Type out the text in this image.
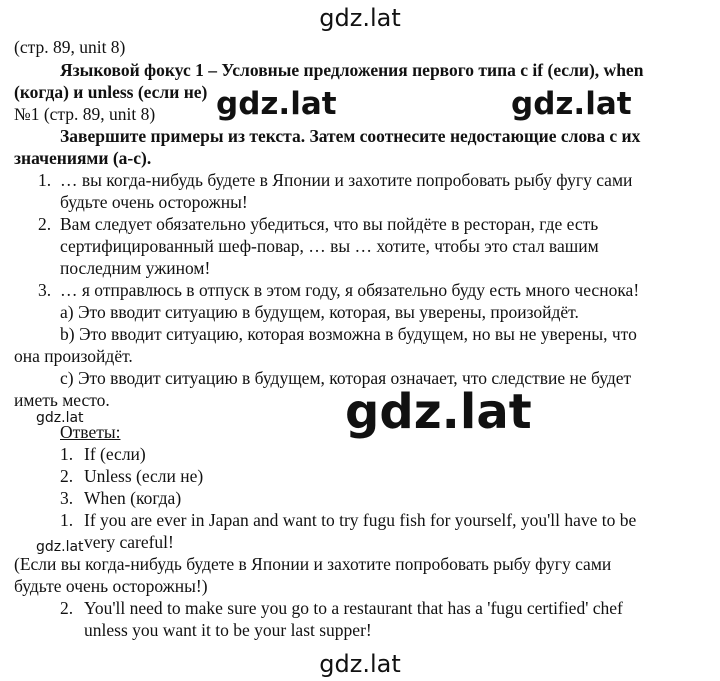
gdz.lat
(стр. 89, unit 8)
Языковой фокус 1 – Условные предложения первого типа с if (если), when
(когда) и unless (если не)
№1 (стр. 89, unit 8) gdz.lat	gdz.lat
Завершите примеры из текста. Затем соотнесите недостающие слова с их
значениями (a-c).
1. … вы когда-нибудь будете в Японии и захотите попробовать рыбу фугу сами
будьте очень осторожны!
2. Вам следует обязательно убедиться, что вы пойдёте в ресторан, где есть
сертифицированный шеф-повар, … вы … хотите, чтобы это стал вашим
последним ужином!
3. … я отправлюсь в отпуск в этом году, я обязательно буду есть много чеснока!
a) Это вводит ситуацию в будущем, которая, вы уверены, произойдёт.
b) Это вводит ситуацию, которая возможна в будущем, но вы не уверены, что
она произойдёт.
c) Это вводит ситуацию в будущем, которая означает, что следствие не будет
иметь место.	gdz.lat
gdz.lat
Ответы:
1. If (если)
2. Unless (если не)
3. When (когда)
1. If you are ever in Japan and want to try fugu fish for yourself, you'll have to be
very careful!
(Если вы когда-нибудь будете в Японии и захотите попробовать рыбу фугу сами
будьте очень осторожны!)
gdz.lat
2. You'll need to make sure you go to a restaurant that has a 'fugu certified' chef
unless you want it to be your last supper!
gdz.lat
